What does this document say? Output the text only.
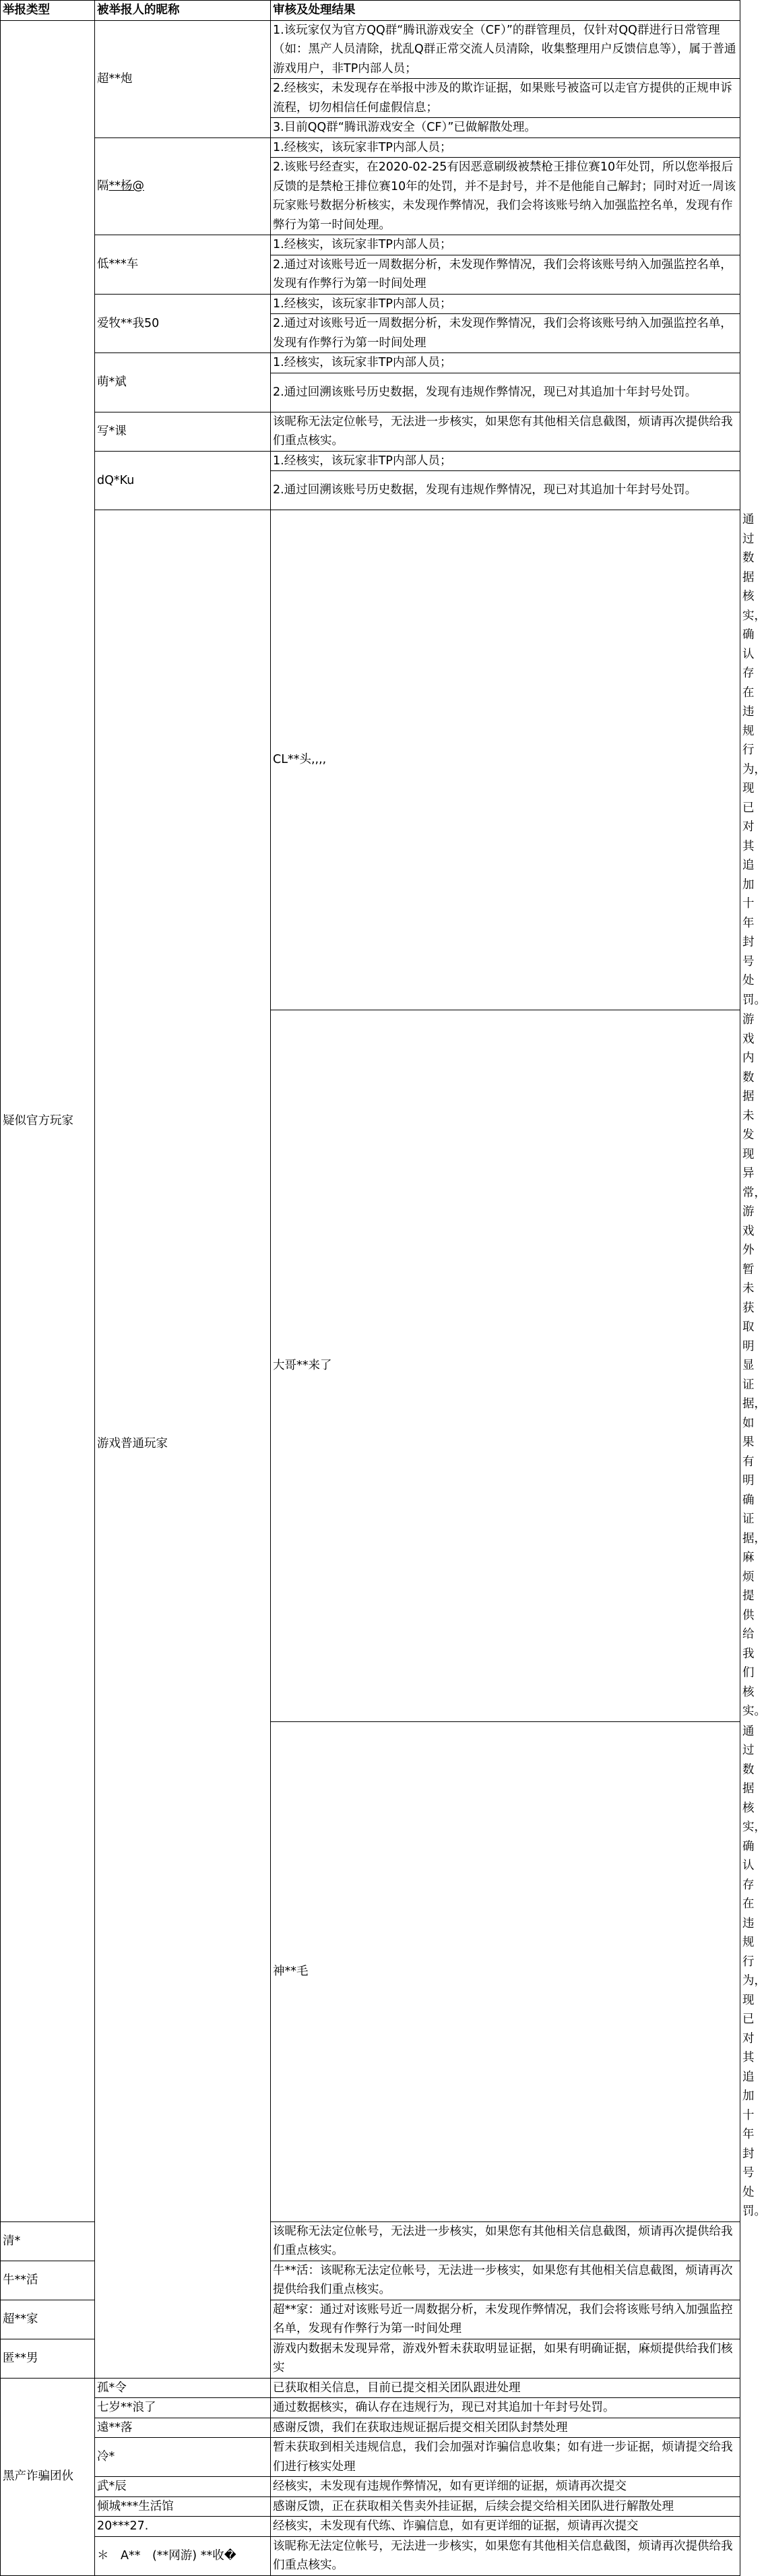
举报类型	被举报人的昵称	审核及处理结果	
疑似官方玩家	超**炮	1.该玩家仅为官方QQ群“腾讯游戏安全（CF）”的群管理员，仅针对QQ群进行日常管理（如：黑产人员清除，扰乱Q群正常交流人员清除，收集整理用户反馈信息等），属于普通游戏用户，非TP内部人员；	
		2.经核实，未发现存在举报中涉及的欺诈证据，如果账号被盗可以走官方提供的正规申诉流程，切勿相信任何虚假信息；	
		3.目前QQ群“腾讯游戏安全（CF）”已做解散处理。	
	隔**杨@	1.经核实，该玩家非TP内部人员；	
		2.该账号经查实，在2020-02-25有因恶意刷级被禁枪王排位赛10年处罚，所以您举报后反馈的是禁枪王排位赛10年的处罚，并不是封号，并不是他能自己解封；同时对近一周该玩家账号数据分析核实，未发现作弊情况，我们会将该账号纳入加强监控名单，发现有作弊行为第一时间处理。	
	低***车	1.经核实，该玩家非TP内部人员；	
		2.通过对该账号近一周数据分析，未发现作弊情况，我们会将该账号纳入加强监控名单，发现有作弊行为第一时间处理	
	爱牧**我50	1.经核实，该玩家非TP内部人员；	
		2.通过对该账号近一周数据分析，未发现作弊情况，我们会将该账号纳入加强监控名单，发现有作弊行为第一时间处理	
	萌*斌	1.经核实，该玩家非TP内部人员；	
		2.通过回溯该账号历史数据，发现有违规作弊情况，现已对其追加十年封号处罚。	
	写*课	该昵称无法定位帐号，无法进一步核实，如果您有其他相关信息截图，烦请再次提供给我们重点核实。	
	dQ*Ku	1.经核实，该玩家非TP内部人员；	
		2.通过回溯该账号历史数据，发现有违规作弊情况，现已对其追加十年封号处罚。	
	游戏普通玩家	CL**头,,,,	通过数据核实，确认存在违规行为，现已对其追加十年封号处罚。
		大哥**来了	游戏内数据未发现异常，游戏外暂未获取明显证据，如果有明确证据，麻烦提供给我们核实。
		神**毛	通过数据核实，确认存在违规行为，现已对其追加十年封号处罚。
清*		该昵称无法定位帐号，无法进一步核实，如果您有其他相关信息截图，烦请再次提供给我们重点核实。	
牛**活		牛**活：该昵称无法定位帐号，无法进一步核实，如果您有其他相关信息截图，烦请再次提供给我们重点核实。	
超**家		超**家：通过对该账号近一周数据分析，未发现作弊情况，我们会将该账号纳入加强监控名单，发现有作弊行为第一时间处理	
匿**男		游戏内数据未发现异常，游戏外暂未获取明显证据，如果有明确证据，麻烦提供给我们核实	
黑产诈骗团伙	孤*令	已获取相关信息，目前已提交相关团队跟进处理	
	七岁**浪了	通过数据核实，确认存在违规行为，现已对其追加十年封号处罚。	
	遠**落	感谢反馈，我们在获取违规证据后提交相关团队封禁处理	
	冷*	暂未获取到相关违规信息，我们会加强对诈骗信息收集；如有进一步证据，烦请提交给我们进行核实处理	
	武*辰	经核实，未发现有违规作弊情况，如有更详细的证据，烦请再次提交	
	倾城***生活馆	感谢反馈，正在获取相关售卖外挂证据，后续会提交给相关团队进行解散处理	
	20***27.	经核实，未发现有代练、诈骗信息，如有更详细的证据，烦请再次提交	
	＊　A**　(**网游) **收�	该昵称无法定位帐号，无法进一步核实，如果您有其他相关信息截图，烦请再次提供给我们重点核实。	
